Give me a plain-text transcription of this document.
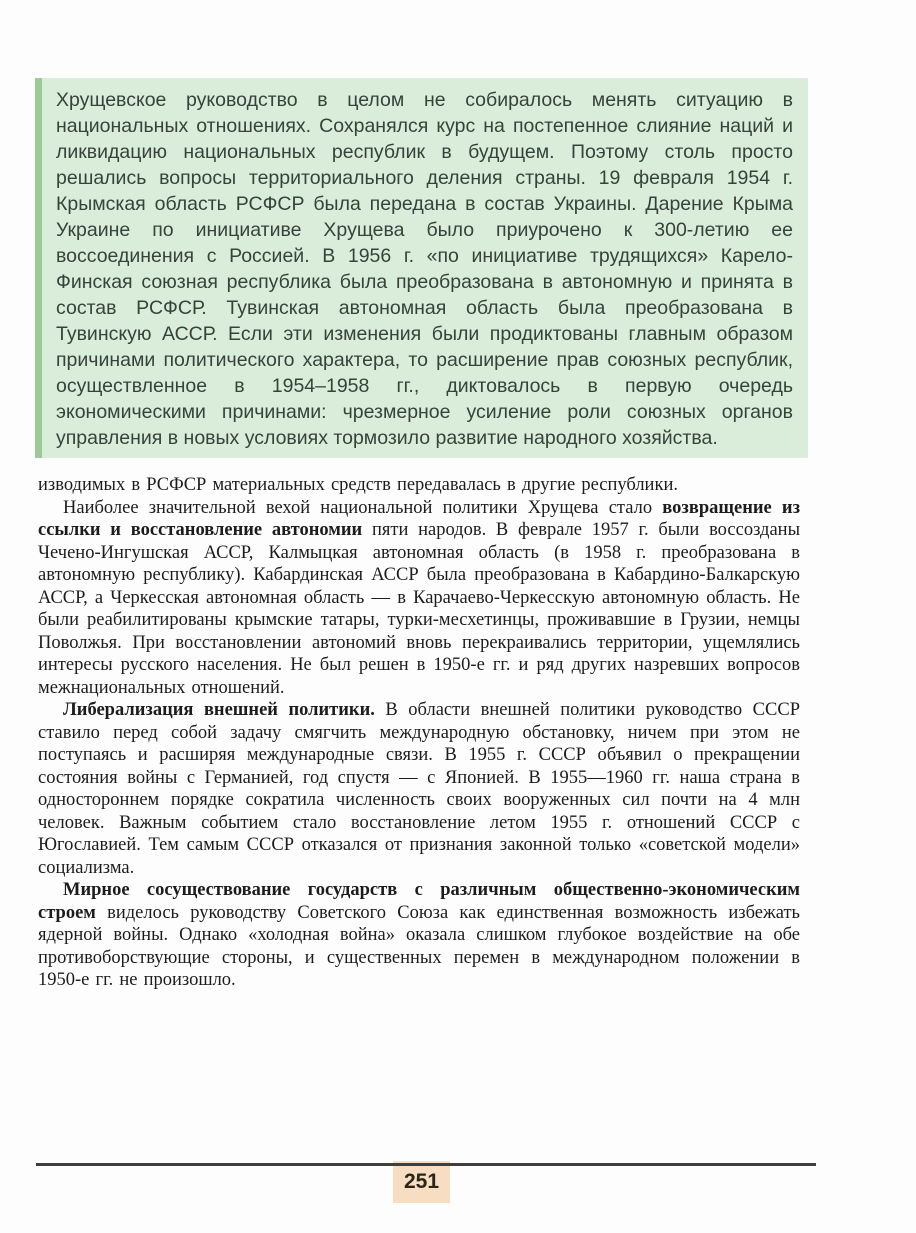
Хрущевское руководство в целом не собиралось менять ситуацию в национальных отношениях. Сохранялся курс на постепенное слияние наций и ликвидацию национальных республик в будущем. Поэтому столь просто решались вопросы территориального деления страны. 19 февраля 1954 г. Крымская область РСФСР была передана в состав Украины. Дарение Крыма Украине по инициативе Хрущева было приурочено к 300-летию ее воссоединения с Россией. В 1956 г. «по инициативе трудящихся» Карело-Финская союзная республика была преобразована в автономную и принята в состав РСФСР. Тувинская автономная область была преобразована в Тувинскую АССР. Если эти изменения были продиктованы главным образом причинами политического характера, то расширение прав союзных республик, осуществленное в 1954–1958 гг., диктовалось в первую очередь экономическими причинами: чрезмерное усиление роли союзных органов управления в новых условиях тормозило развитие народного хозяйства.

изводимых в РСФСР материальных средств передавалась в другие республики.

Наиболее значительной вехой национальной политики Хрущева стало возвращение из ссылки и восстановление автономии пяти народов. В феврале 1957 г. были воссозданы Чечено-Ингушская АССР, Калмыцкая автономная область (в 1958 г. преобразована в автономную республику). Кабардинская АССР была преобразована в Кабардино-Балкарскую АССР, а Черкесская автономная область — в Карачаево-Черкесскую автономную область. Не были реабилитированы крымские татары, турки-месхетинцы, проживавшие в Грузии, немцы Поволжья. При восстановлении автономий вновь перекраивались территории, ущемлялись интересы русского населения. Не был решен в 1950-е гг. и ряд других назревших вопросов межнациональных отношений.

Либерализация внешней политики. В области внешней политики руководство СССР ставило перед собой задачу смягчить международную обстановку, ничем при этом не поступаясь и расширяя международные связи. В 1955 г. СССР объявил о прекращении состояния войны с Германией, год спустя — с Японией. В 1955—1960 гг. наша страна в одностороннем порядке сократила численность своих вооруженных сил почти на 4 млн человек. Важным событием стало восстановление летом 1955 г. отношений СССР с Югославией. Тем самым СССР отказался от признания законной только «советской модели» социализма.

Мирное сосуществование государств с различным общественно-экономическим строем виделось руководству Советского Союза как единственная возможность избежать ядерной войны. Однако «холодная война» оказала слишком глубокое воздействие на обе противоборствующие стороны, и существенных перемен в международном положении в 1950-е гг. не произошло.

251
